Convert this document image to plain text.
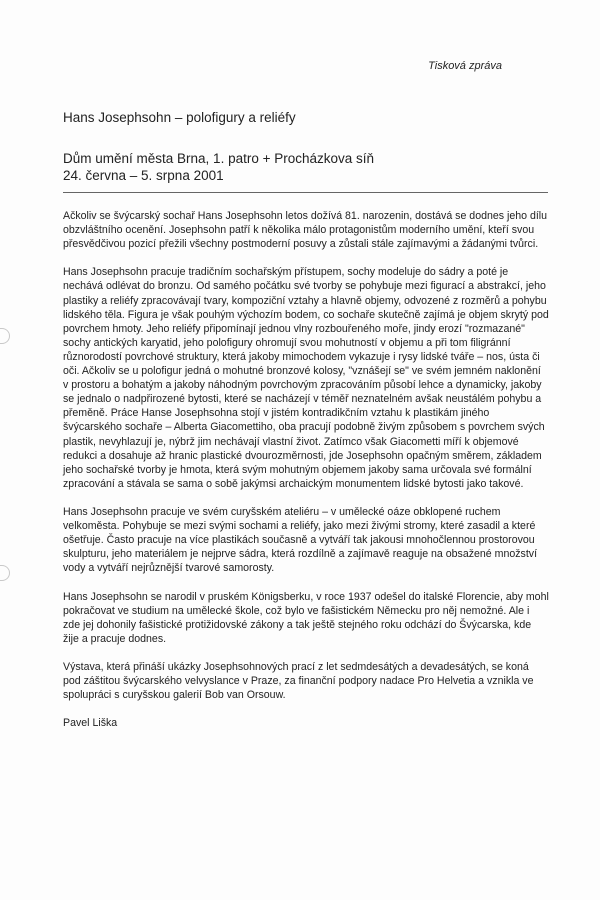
Tisková zpráva
Hans Josephsohn – polofigury a reliéfy
Dům umění města Brna, 1. patro + Procházkova síň
24. června – 5. srpna 2001

Ačkoliv se švýcarský sochař Hans Josephsohn letos dožívá 81. narozenin, dostává se dodnes jeho dílu obzvláštního ocenění. Josephsohn patří k několika málo protagonistům moderního umění, kteří svou přesvědčivou pozicí přežili všechny postmoderní posuvy a zůstali stále zajímavými a žádanými tvůrci.

Hans Josephsohn pracuje tradičním sochařským přístupem, sochy modeluje do sádry a poté je nechává odlévat do bronzu. Od samého počátku své tvorby se pohybuje mezi figurací a abstrakcí, jeho plastiky a reliéfy zpracovávají tvary, kompoziční vztahy a hlavně objemy, odvozené z rozměrů a pohybu lidského těla. Figura je však pouhým výchozím bodem, co sochaře skutečně zajímá je objem skrytý pod povrchem hmoty. Jeho reliéfy připomínají jednou vlny rozbouřeného moře, jindy erozí "rozmazané" sochy antických karyatid, jeho polofigury ohromují svou mohutností v objemu a při tom filigránní různorodostí povrchové struktury, která jakoby mimochodem vykazuje i rysy lidské tváře – nos, ústa či oči. Ačkoliv se u polofigur jedná o mohutné bronzové kolosy, "vznášejí se" ve svém jemném naklonění v prostoru a bohatým a jakoby náhodným povrchovým zpracováním působí lehce a dynamicky, jakoby se jednalo o nadpřirozené bytosti, které se nacházejí v téměř neznatelném avšak neustálém pohybu a přeměně. Práce Hanse Josephsohna stojí v jistém kontradikčním vztahu k plastikám jiného švýcarského sochaře – Alberta Giacomettiho, oba pracují podobně živým způsobem s povrchem svých plastik, nevyhlazují je, nýbrž jim nechávají vlastní život. Zatímco však Giacometti míří k objemové redukci a dosahuje až hranic plastické dvourozměrnosti, jde Josephsohn opačným směrem, základem jeho sochařské tvorby je hmota, která svým mohutným objemem jakoby sama určovala své formální zpracování a stávala se sama o sobě jakýmsi archaickým monumentem lidské bytosti jako takové.

Hans Josephsohn pracuje ve svém curyšském ateliéru – v umělecké oáze obklopené ruchem velkoměsta. Pohybuje se mezi svými sochami a reliéfy, jako mezi živými stromy, které zasadil a které ošetřuje. Často pracuje na více plastikách současně a vytváří tak jakousi mnohočlennou prostorovou skulpturu, jeho materiálem je nejprve sádra, která rozdílně a zajímavě reaguje na obsažené množství vody a vytváří nejrůznější tvarové samorosty.

Hans Josephsohn se narodil v pruském Königsberku, v roce 1937 odešel do italské Florencie, aby mohl pokračovat ve studium na umělecké škole, což bylo ve fašistickém Německu pro něj nemožné. Ale i zde jej dohonily fašistické protižidovské zákony a tak ještě stejného roku odchází do Švýcarska, kde žije a pracuje dodnes.

Výstava, která přináší ukázky Josephsohnových prací z let sedmdesátých a devadesátých, se koná pod záštitou švýcarského velvyslance v Praze, za finanční podpory nadace Pro Helvetia a vznikla ve spolupráci s curyšskou galerií Bob van Orsouw.

Pavel Liška
